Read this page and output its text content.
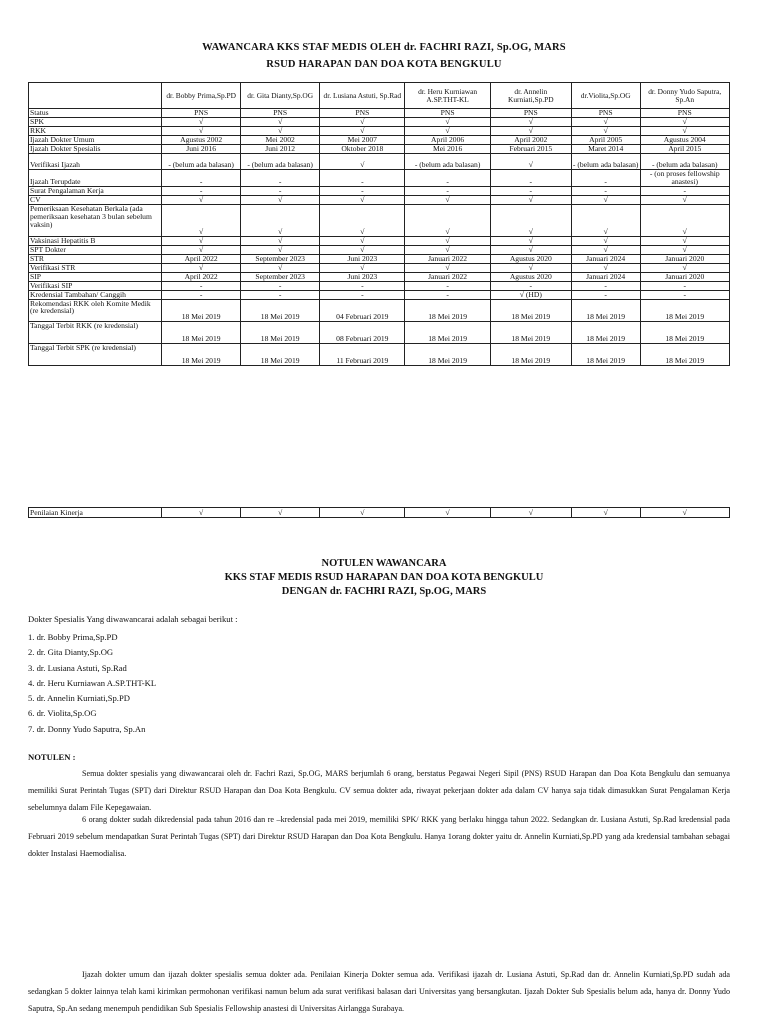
WAWANCARA KKS STAF MEDIS OLEH dr. FACHRI RAZI, Sp.OG, MARS
RSUD HARAPAN DAN DOA KOTA BENGKULU
	dr. Bobby Prima,Sp.PD	dr. Gita Dianty,Sp.OG	dr. Lusiana Astuti, Sp.Rad	dr. Heru Kurniawan A.SP.THT-KL	dr. Annelin Kurniati,Sp.PD	dr.Violita,Sp.OG	dr. Donny Yudo Saputra, Sp.An
Status	PNS	PNS	PNS	PNS	PNS	PNS	PNS
SPK	√	√	√	√	√	√	√
RKK	√	√	√	√	√	√	√
Ijazah Dokter Umum	Agustus 2002	Mei 2002	Mei 2007	April 2006	April 2002	April 2005	Agustus 2004
Ijazah Dokter Spesialis	Juni 2016	Juni 2012	Oktober 2018	Mei 2016	Februari 2015	Maret 2014	April 2015
Verifikasi Ijazah	- (belum ada balasan)	- (belum ada balasan)	√	- (belum ada balasan)	√	- (belum ada balasan)	- (belum ada balasan)
Ijazah Terupdate	-	-	-	-	-	-	- (on proses fellowship anastesi)
Surat Pengalaman Kerja	-	-	-	-	-	-	-
CV	√	√	√	√	√	√	√
Pemeriksaan Kesehatan Berkala (ada pemeriksaan kesehatan 3 bulan sebelum vaksin)	√	√	√	√	√	√	√
Vaksinasi Hepatitis B	√	√	√	√	√	√	√
SPT Dokter	√	√	√	√	√	√	√
STR	April 2022	September 2023	Juni 2023	Januari 2022	Agustus 2020	Januari 2024	Januari 2020
Verifikasi STR	√	√	√	√	√	√	√
SIP	April 2022	September 2023	Juni 2023	Januari 2022	Agustus 2020	Januari 2024	Januari 2020
Verifikasi SIP	-	-	-	-	-	-	-
Kredensial Tambahan/ Canggih	-	-	-	-	√ (HD)	-	-
Rekomendasi RKK oleh Komite Medik (re kredensial)	18 Mei 2019	18 Mei 2019	04 Februari 2019	18 Mei 2019	18 Mei 2019	18 Mei 2019	18 Mei 2019
Tanggal Terbit RKK (re kredensial)	18 Mei 2019	18 Mei 2019	08 Februari 2019	18 Mei 2019	18 Mei 2019	18 Mei 2019	18 Mei 2019
Tanggal Terbit SPK (re kredensial)	18 Mei 2019	18 Mei 2019	11 Februari 2019	18 Mei 2019	18 Mei 2019	18 Mei 2019	18 Mei 2019
Penilaian Kinerja	√	√	√	√	√	√	√
NOTULEN WAWANCARA
KKS STAF MEDIS RSUD HARAPAN DAN DOA KOTA BENGKULU
DENGAN dr. FACHRI RAZI, Sp.OG, MARS
Dokter Spesialis Yang diwawancarai adalah sebagai berikut :
1. dr. Bobby Prima,Sp.PD
2. dr. Gita Dianty,Sp.OG
3. dr. Lusiana Astuti, Sp.Rad
4. dr. Heru Kurniawan A.SP.THT-KL
5. dr. Annelin Kurniati,Sp.PD
6. dr. Violita,Sp.OG
7. dr. Donny Yudo Saputra, Sp.An
NOTULEN :

Semua dokter spesialis yang diwawancarai oleh dr. Fachri Razi, Sp.OG, MARS berjumlah 6 orang, berstatus Pegawai Negeri Sipil (PNS) RSUD Harapan dan Doa Kota Bengkulu dan semuanya memiliki Surat Perintah Tugas (SPT) dari Direktur RSUD Harapan dan Doa Kota Bengkulu. CV semua dokter ada, riwayat pekerjaan dokter ada dalam CV hanya saja tidak dimasukkan Surat Pengalaman Kerja sebelumnya dalam File Kepegawaian.

6 orang dokter sudah dikredensial pada tahun 2016 dan re –kredensial pada mei 2019, memiliki SPK/ RKK yang berlaku hingga tahun 2022. Sedangkan dr. Lusiana Astuti, Sp.Rad kredensial pada Februari 2019 sebelum mendapatkan Surat Perintah Tugas (SPT) dari Direktur RSUD Harapan dan Doa Kota Bengkulu. Hanya 1orang dokter yaitu dr. Annelin Kurniati,Sp.PD yang ada kredensial tambahan sebagai dokter Instalasi Haemodialisa.

Ijazah dokter umum dan ijazah dokter spesialis semua dokter ada. Penilaian Kinerja Dokter semua ada. Verifikasi ijazah dr. Lusiana Astuti, Sp.Rad dan dr. Annelin Kurniati,Sp.PD sudah ada sedangkan 5 dokter lainnya telah kami kirimkan permohonan verifikasi namun belum ada surat verifikasi balasan dari Universitas yang bersangkutan. Ijazah Dokter Sub Spesialis belum ada, hanya dr. Donny Yudo Saputra, Sp.An sedang menempuh pendidikan Sub Spesialis Fellowship anastesi di Universitas Airlangga Surabaya.
